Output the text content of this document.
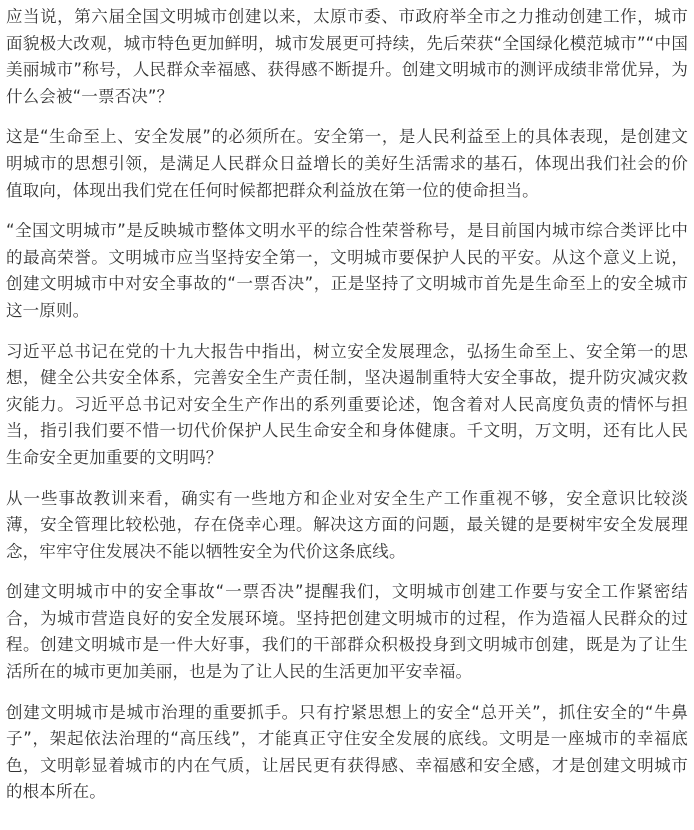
应当说，第六届全国文明城市创建以来，太原市委、市政府举全市之力推动创建工作，城市面貌极大改观，城市特色更加鲜明，城市发展更可持续，先后荣获“全国绿化模范城市”“中国美丽城市”称号，人民群众幸福感、获得感不断提升。创建文明城市的测评成绩非常优异，为什么会被“一票否决”？

这是“生命至上、安全发展”的必须所在。安全第一，是人民利益至上的具体表现，是创建文明城市的思想引领，是满足人民群众日益增长的美好生活需求的基石，体现出我们社会的价值取向，体现出我们党在任何时候都把群众利益放在第一位的使命担当。

“全国文明城市”是反映城市整体文明水平的综合性荣誉称号，是目前国内城市综合类评比中的最高荣誉。文明城市应当坚持安全第一，文明城市要保护人民的平安。从这个意义上说，创建文明城市中对安全事故的“一票否决”，正是坚持了文明城市首先是生命至上的安全城市这一原则。

习近平总书记在党的十九大报告中指出，树立安全发展理念，弘扬生命至上、安全第一的思想，健全公共安全体系，完善安全生产责任制，坚决遏制重特大安全事故，提升防灾减灾救灾能力。习近平总书记对安全生产作出的系列重要论述，饱含着对人民高度负责的情怀与担当，指引我们要不惜一切代价保护人民生命安全和身体健康。千文明，万文明，还有比人民生命安全更加重要的文明吗？

从一些事故教训来看，确实有一些地方和企业对安全生产工作重视不够，安全意识比较淡薄，安全管理比较松弛，存在侥幸心理。解决这方面的问题，最关键的是要树牢安全发展理念，牢牢守住发展决不能以牺牲安全为代价这条底线。

创建文明城市中的安全事故“一票否决”提醒我们，文明城市创建工作要与安全工作紧密结合，为城市营造良好的安全发展环境。坚持把创建文明城市的过程，作为造福人民群众的过程。创建文明城市是一件大好事，我们的干部群众积极投身到文明城市创建，既是为了让生活所在的城市更加美丽，也是为了让人民的生活更加平安幸福。

创建文明城市是城市治理的重要抓手。只有拧紧思想上的安全“总开关”，抓住安全的“牛鼻子”，架起依法治理的“高压线”，才能真正守住安全发展的底线。文明是一座城市的幸福底色，文明彰显着城市的内在气质，让居民更有获得感、幸福感和安全感，才是创建文明城市的根本所在。
